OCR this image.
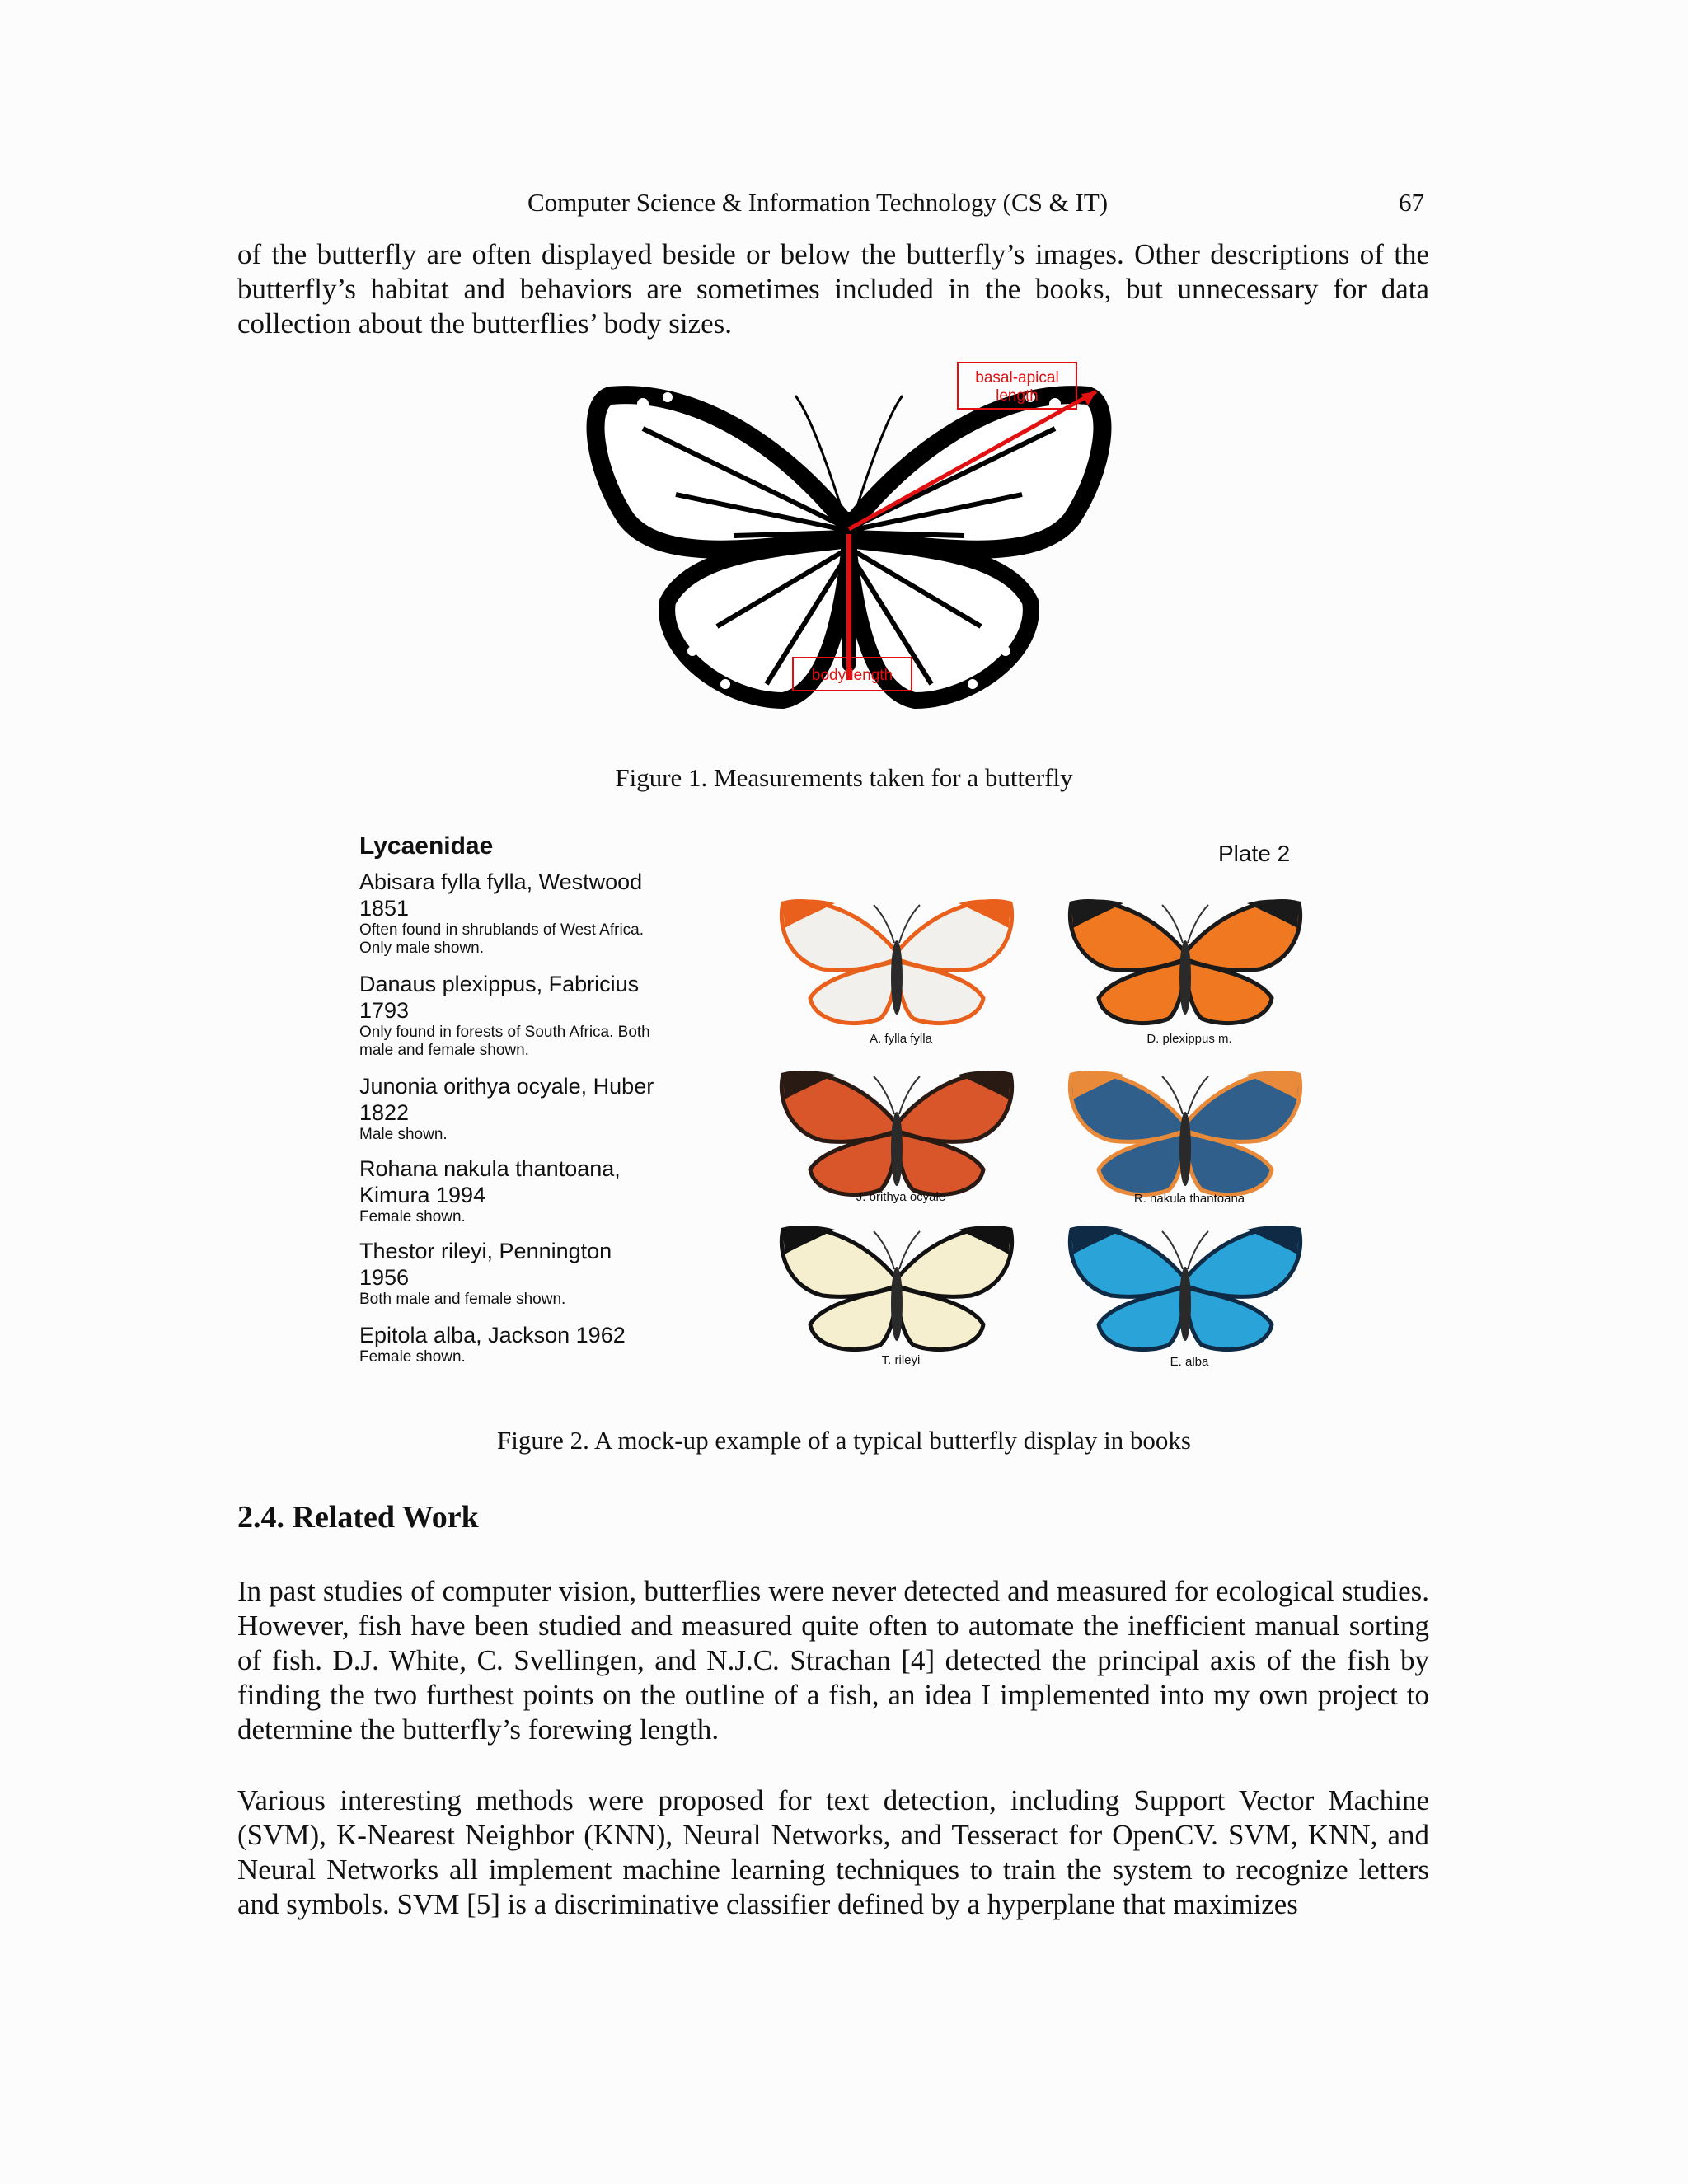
Computer Science & Information Technology (CS & IT)	67

of the butterfly are often displayed beside or below the butterfly’s images. Other descriptions of the butterfly’s habitat and behaviors are sometimes included in the books, but unnecessary for data collection about the butterflies’ body sizes.

basal-apical
length
body length
Figure 1. Measurements taken for a butterfly
Lycaenidae	Plate 2
Abisara fylla fylla, Westwood
1851
Often found in shrublands of West Africa.
Only male shown.
Danaus plexippus, Fabricius
1793
Only found in forests of South Africa. Both
male and female shown.
Junonia orithya ocyale, Huber
1822
Male shown.
Rohana nakula thantoana,
Kimura 1994
Female shown.
Thestor rileyi, Pennington
1956
Both male and female shown.
Epitola alba, Jackson 1962
Female shown.
A. fylla fylla	D. plexippus m.
J. orithya ocyale	R. nakula thantoana
T. rileyi	E. alba
Figure 2. A mock-up example of a typical butterfly display in books
2.4. Related Work

In past studies of computer vision, butterflies were never detected and measured for ecological studies. However, fish have been studied and measured quite often to automate the inefficient manual sorting of fish. D.J. White, C. Svellingen, and N.J.C. Strachan [4] detected the principal axis of the fish by finding the two furthest points on the outline of a fish, an idea I implemented into my own project to determine the butterfly’s forewing length.

Various interesting methods were proposed for text detection, including Support Vector Machine (SVM), K-Nearest Neighbor (KNN), Neural Networks, and Tesseract for OpenCV. SVM, KNN, and Neural Networks all implement machine learning techniques to train the system to recognize letters and symbols. SVM [5] is a discriminative classifier defined by a hyperplane that maximizes
